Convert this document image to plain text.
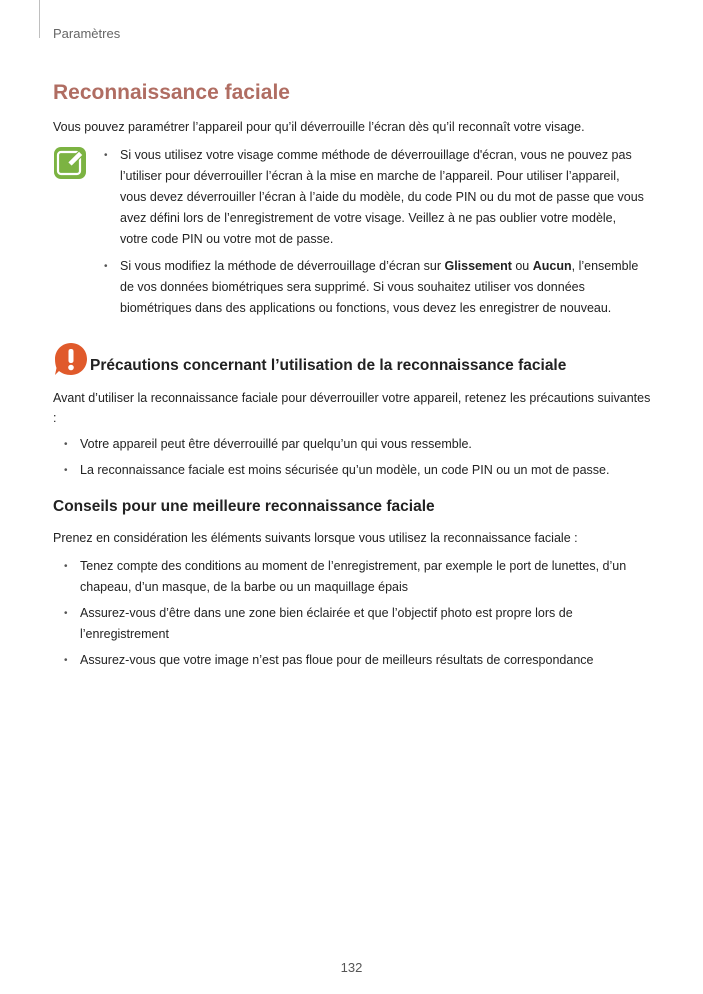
Paramètres
Reconnaissance faciale

Vous pouvez paramétrer l’appareil pour qu’il déverrouille l’écran dès qu’il reconnaît votre visage.

• Si vous utilisez votre visage comme méthode de déverrouillage d'écran, vous ne pouvez pas l’utiliser pour déverrouiller l’écran à la mise en marche de l’appareil. Pour utiliser l’appareil, vous devez déverrouiller l’écran à l’aide du modèle, du code PIN ou du mot de passe que vous avez défini lors de l’enregistrement de votre visage. Veillez à ne pas oublier votre modèle, votre code PIN ou votre mot de passe.
• Si vous modifiez la méthode de déverrouillage d’écran sur Glissement ou Aucun, l’ensemble de vos données biométriques sera supprimé. Si vous souhaitez utiliser vos données biométriques dans des applications ou fonctions, vous devez les enregistrer de nouveau.
Précautions concernant l’utilisation de la reconnaissance faciale

Avant d’utiliser la reconnaissance faciale pour déverrouiller votre appareil, retenez les précautions suivantes :

• Votre appareil peut être déverrouillé par quelqu’un qui vous ressemble.
• La reconnaissance faciale est moins sécurisée qu’un modèle, un code PIN ou un mot de passe.
Conseils pour une meilleure reconnaissance faciale

Prenez en considération les éléments suivants lorsque vous utilisez la reconnaissance faciale :

• Tenez compte des conditions au moment de l’enregistrement, par exemple le port de lunettes, d’un chapeau, d’un masque, de la barbe ou un maquillage épais
• Assurez-vous d’être dans une zone bien éclairée et que l’objectif photo est propre lors de l’enregistrement
• Assurez-vous que votre image n’est pas floue pour de meilleurs résultats de correspondance
132
